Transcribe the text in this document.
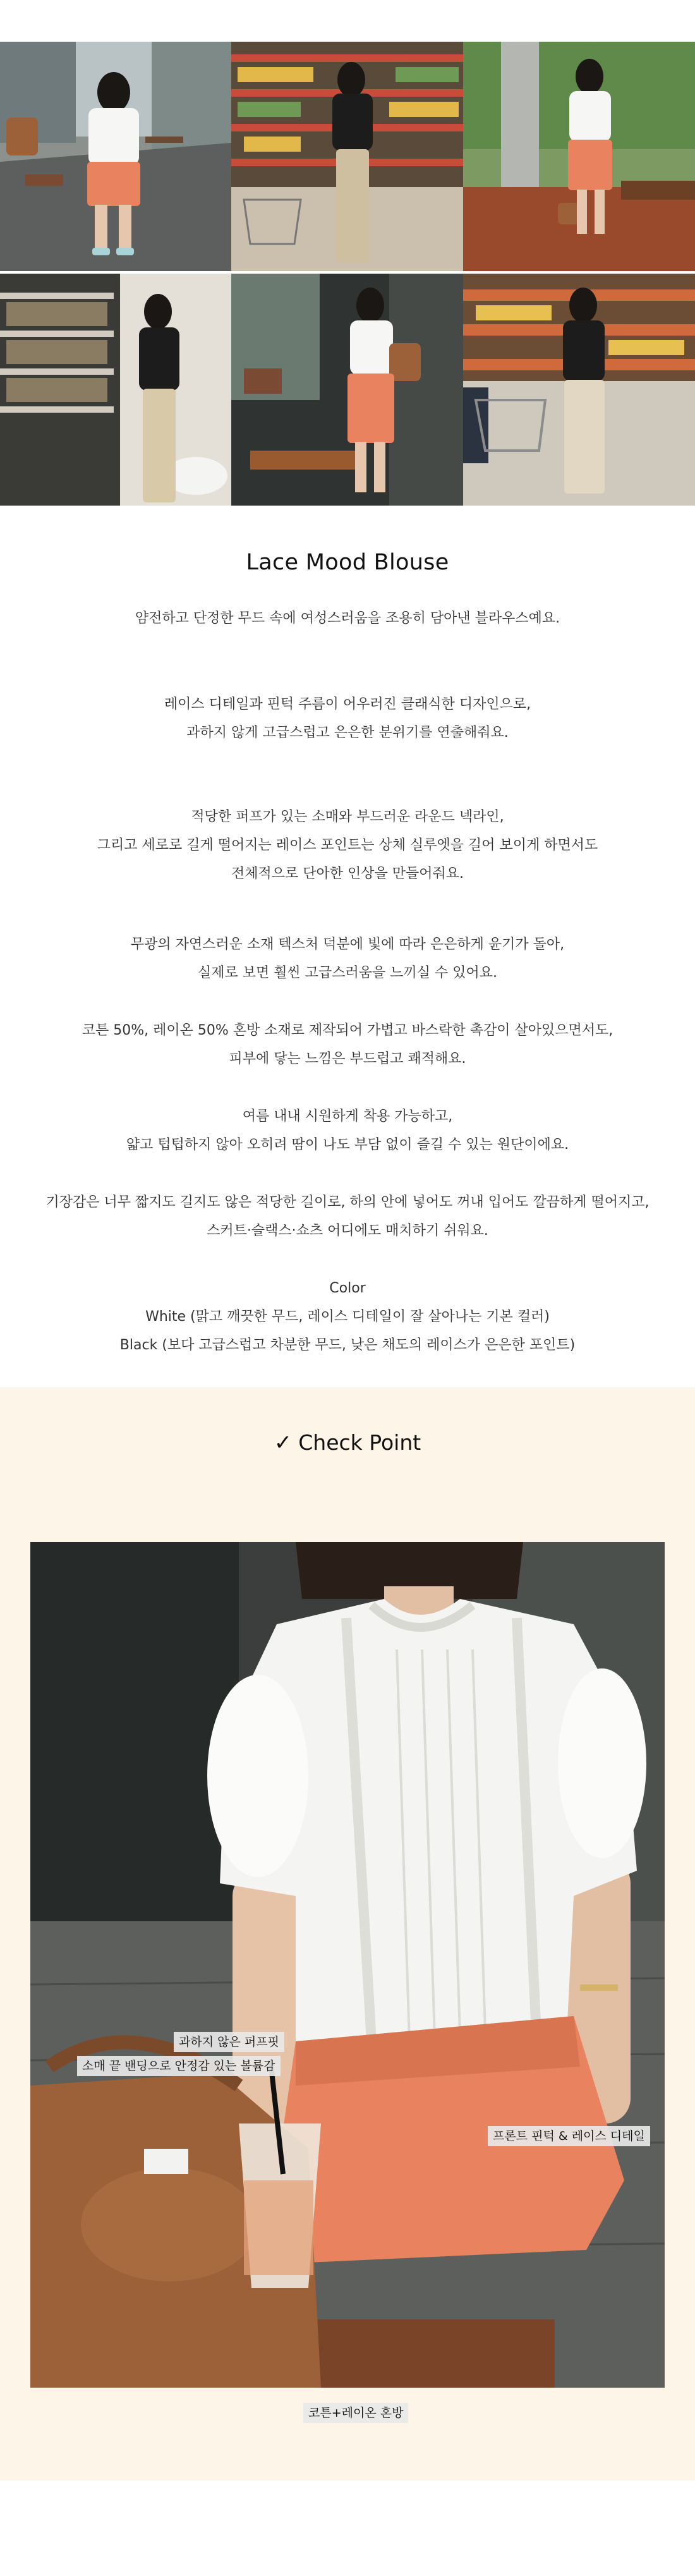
Lace Mood Blouse
얌전하고 단정한 무드 속에 여성스러움을 조용히 담아낸 블라우스예요.
레이스 디테일과 핀턱 주름이 어우러진 클래식한 디자인으로,
과하지 않게 고급스럽고 은은한 분위기를 연출해줘요.
적당한 퍼프가 있는 소매와 부드러운 라운드 넥라인,
그리고 세로로 길게 떨어지는 레이스 포인트는 상체 실루엣을 길어 보이게 하면서도
전체적으로 단아한 인상을 만들어줘요.
무광의 자연스러운 소재 텍스처 덕분에 빛에 따라 은은하게 윤기가 돌아,
실제로 보면 훨씬 고급스러움을 느끼실 수 있어요.
코튼 50%, 레이온 50% 혼방 소재로 제작되어 가볍고 바스락한 촉감이 살아있으면서도,
피부에 닿는 느낌은 부드럽고 쾌적해요.
여름 내내 시원하게 착용 가능하고,
얇고 텁텁하지 않아 오히려 땀이 나도 부담 없이 즐길 수 있는 원단이에요.
기장감은 너무 짧지도 길지도 않은 적당한 길이로, 하의 안에 넣어도 꺼내 입어도 깔끔하게 떨어지고,
스커트·슬랙스·쇼츠 어디에도 매치하기 쉬워요.
Color
White (맑고 깨끗한 무드, 레이스 디테일이 잘 살아나는 기본 컬러)
Black (보다 고급스럽고 차분한 무드, 낮은 채도의 레이스가 은은한 포인트)
✓ Check Point
과하지 않은 퍼프핏
소매 끝 밴딩으로 안정감 있는 볼륨감
프론트 핀턱 & 레이스 디테일
코튼+레이온 혼방
